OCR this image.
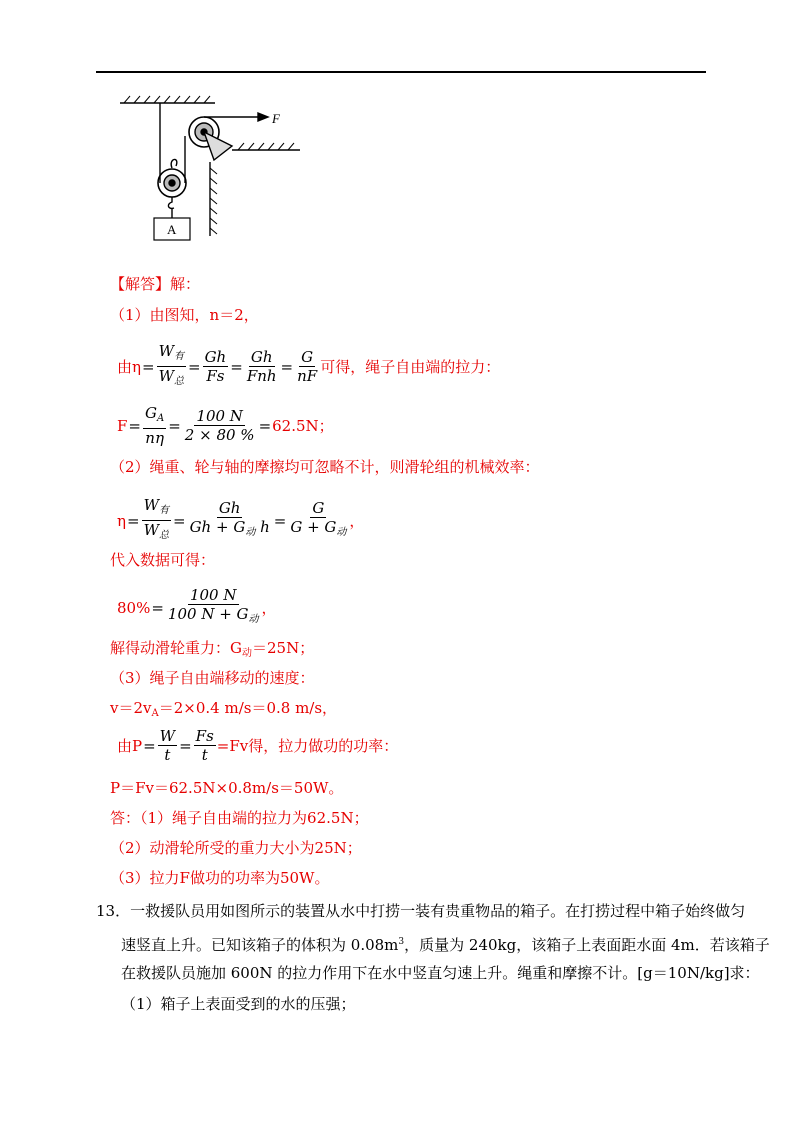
F
A
【解答】解：
（1）由图知，n＝2，
由$\eta = \frac{W_有}{W_总} = \frac{\text{Gℎ}}{Fs} = \frac{\text{Gℎ}}{\text{Fnℎ}} = \frac{G}{nF}$ 可得，绳子自由端的拉力：
$F = \frac{G_A}{n\eta} = \frac{100 N}{2 \times 80 \%} = 62.5N$；
（2）绳重、轮与轴的摩擦均可忽略不计，则滑轮组的机械效率：
$\eta = \frac{W_有}{W_总} = \frac{\text{Gℎ}}{Gℎ + G_动 ℎ} = \frac{G}{G + G_动}$ ，
代入数据可得：
$80\% = \frac{100 N}{100 N + G_动}$ ，
解得动滑轮重力：$G_动=25N$；
（3）绳子自由端移动的速度：
$v=2v_A=2\times 0.4$ m/s＝0.8 m/s，
由$P = \frac{W}{t} = \frac{Fs}{t} =Fv$得，拉力做功的功率：
P＝Fv＝62.5N×0.8m/s＝50W。
答：（1）绳子自由端的拉力为62.5N；
（2）动滑轮所受的重力大小为25N；
（3）拉力F做功的功率为50W。
13．一救援队员用如图所示的装置从水中打捞一装有贵重物品的箱子。在打捞过程中箱子始终做匀
速竖直上升。已知该箱子的体积为 $0.08m^3$，质量为 240kg，该箱子上表面距水面 4m．若该箱子
在救援队员施加 600N 的拉力作用下在水中竖直匀速上升。绳重和摩擦不计。[g＝10N/kg]求：
（1）箱子上表面受到的水的压强；
